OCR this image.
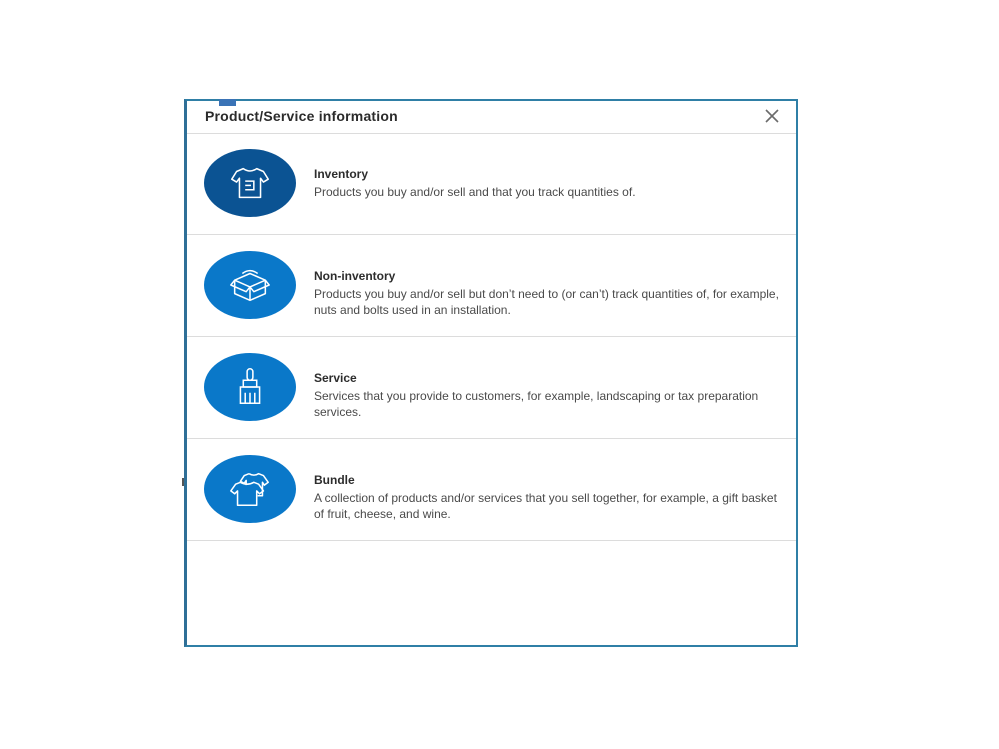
Product/Service information
Inventory
Products you buy and/or sell and that you track quantities of.
Non-inventory
Products you buy and/or sell but don’t need to (or can’t) track quantities of, for example, nuts and bolts used in an installation.
Service
Services that you provide to customers, for example, landscaping or tax preparation services.
Bundle
A collection of products and/or services that you sell together, for example, a gift basket of fruit, cheese, and wine.
